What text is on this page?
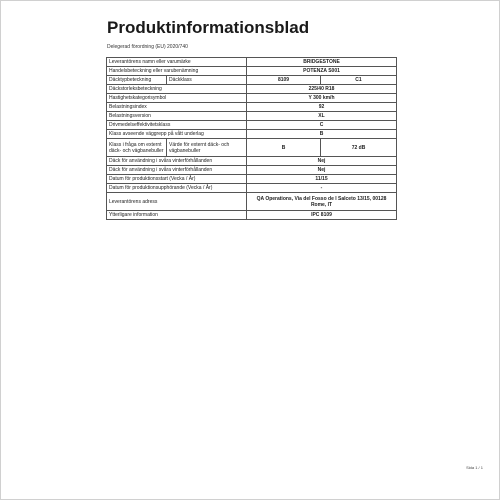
Produktinformationsblad
Delegerad förordning (EU) 2020/740
Leverantörens namn eller varumärke		BRIDGESTONE	
Handelsbeteckning eller varubenämning		POTENZA S001	
Däcktypbeteckning	Däckklass	8109	C1
Däckstorleksbeteckning		225/40 R18	
Hastighetskategorisymbol		Y 300 km/h	
Belastningsindex		92	
Belastningsversion		XL	
Drivmedelseffektivitetsklass		C	
Klass avseende väggrepp på vått underlag		B	
Klass i fråga om externt däck- och vägbanebuller	Värde för externt däck- och vägbanebuller	B	72 dB
Däck för användning i svåra vinterförhållanden		Nej	
Däck för användning i svåra vinterförhållanden		Nej	
Datum för produktionsstart (Vecka / År)		11/15	
Datum för produktionsupphörande (Vecka / År)		-	
Leverantörens adress		QA Operations, Via del Fosso de l Salceto 13/15, 00128 Rome, IT	
Ytterligare information		IPC 8109	
Sida 1 / 1
